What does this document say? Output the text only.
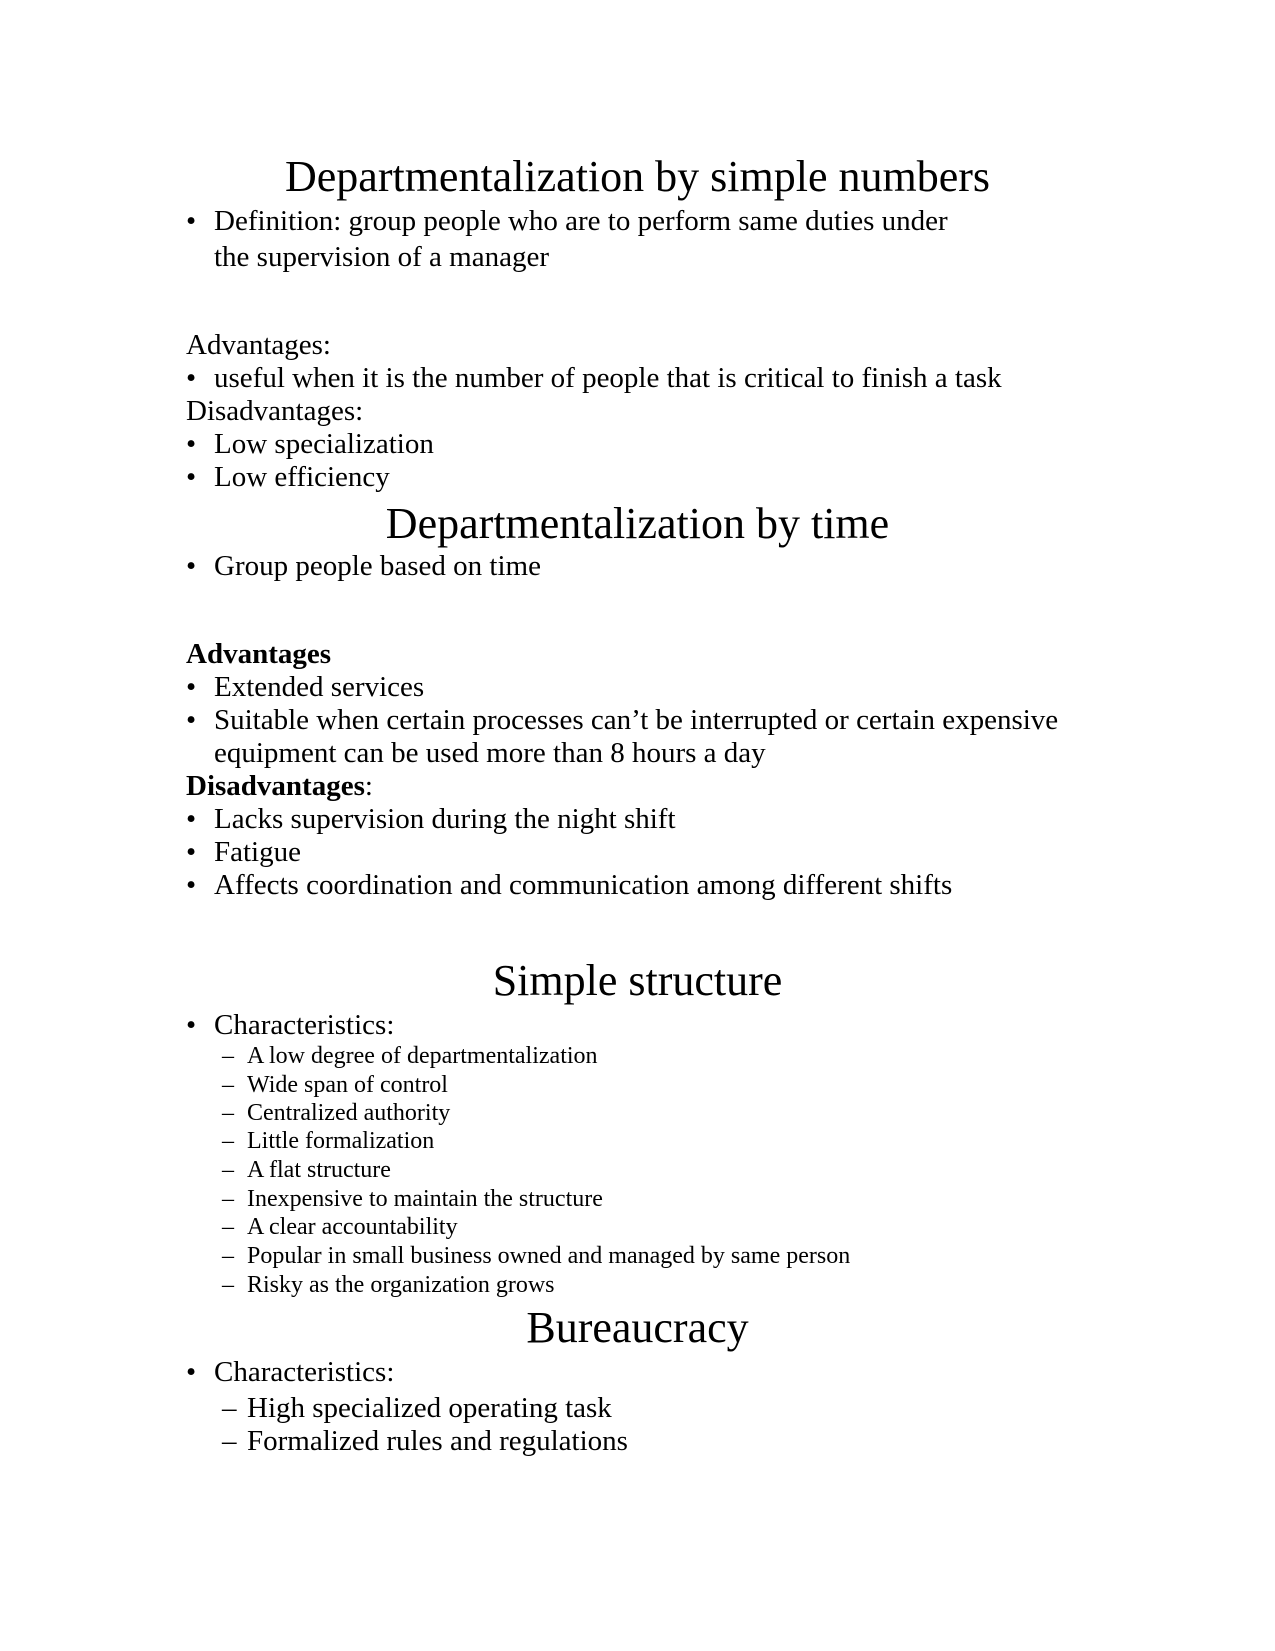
Departmentalization by simple numbers
• Definition: group people who are to perform same duties under
the supervision of a manager
Advantages:
• useful when it is the number of people that is critical to finish a task
Disadvantages:
• Low specialization
• Low efficiency
Departmentalization by time
• Group people based on time
Advantages
• Extended services
• Suitable when certain processes can’t be interrupted or certain expensive
equipment can be used more than 8 hours a day
Disadvantages:
• Lacks supervision during the night shift
• Fatigue
• Affects coordination and communication among different shifts
Simple structure
• Characteristics:
– A low degree of departmentalization
– Wide span of control
– Centralized authority
– Little formalization
– A flat structure
– Inexpensive to maintain the structure
– A clear accountability
– Popular in small business owned and managed by same person
– Risky as the organization grows
Bureaucracy
• Characteristics:
– High specialized operating task
– Formalized rules and regulations
